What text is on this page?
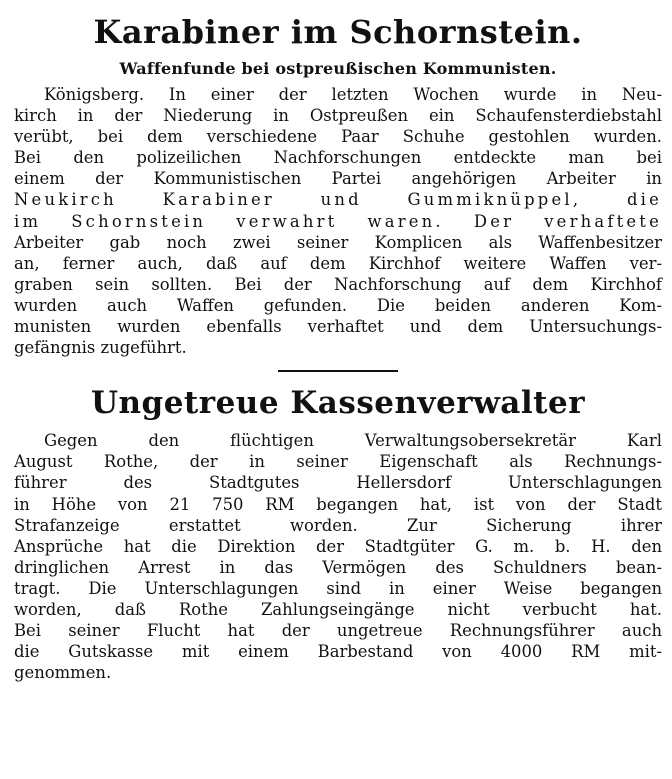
Karabiner im Schornstein.
Waffenfunde bei ostpreußischen Kommunisten.
Königsberg. In einer der letzten Wochen wurde in Neu-
kirch in der Niederung in Ostpreußen ein Schaufensterdiebstahl
verübt, bei dem verschiedene Paar Schuhe gestohlen wurden.
Bei den polizeilichen Nachforschungen entdeckte man bei
einem der Kommunistischen Partei angehörigen Arbeiter in
Neukirch Karabiner und Gummiknüppel, die
im Schornstein verwahrt waren. Der verhaftete
Arbeiter gab noch zwei seiner Komplicen als Waffenbesitzer
an, ferner auch, daß auf dem Kirchhof weitere Waffen ver-
graben sein sollten. Bei der Nachforschung auf dem Kirchhof
wurden auch Waffen gefunden. Die beiden anderen Kom-
munisten wurden ebenfalls verhaftet und dem Untersuchungs-
gefängnis zugeführt.
Ungetreue Kassenverwalter
Gegen den flüchtigen Verwaltungsobersekretär Karl
August Rothe, der in seiner Eigenschaft als Rechnungs-
führer des Stadtgutes Hellersdorf Unterschlagungen
in Höhe von 21 750 RM begangen hat, ist von der Stadt
Strafanzeige erstattet worden. Zur Sicherung ihrer
Ansprüche hat die Direktion der Stadtgüter G. m. b. H. den
dringlichen Arrest in das Vermögen des Schuldners bean-
tragt. Die Unterschlagungen sind in einer Weise begangen
worden, daß Rothe Zahlungseingänge nicht verbucht hat.
Bei seiner Flucht hat der ungetreue Rechnungsführer auch
die Gutskasse mit einem Barbestand von 4000 RM mit-
genommen.
